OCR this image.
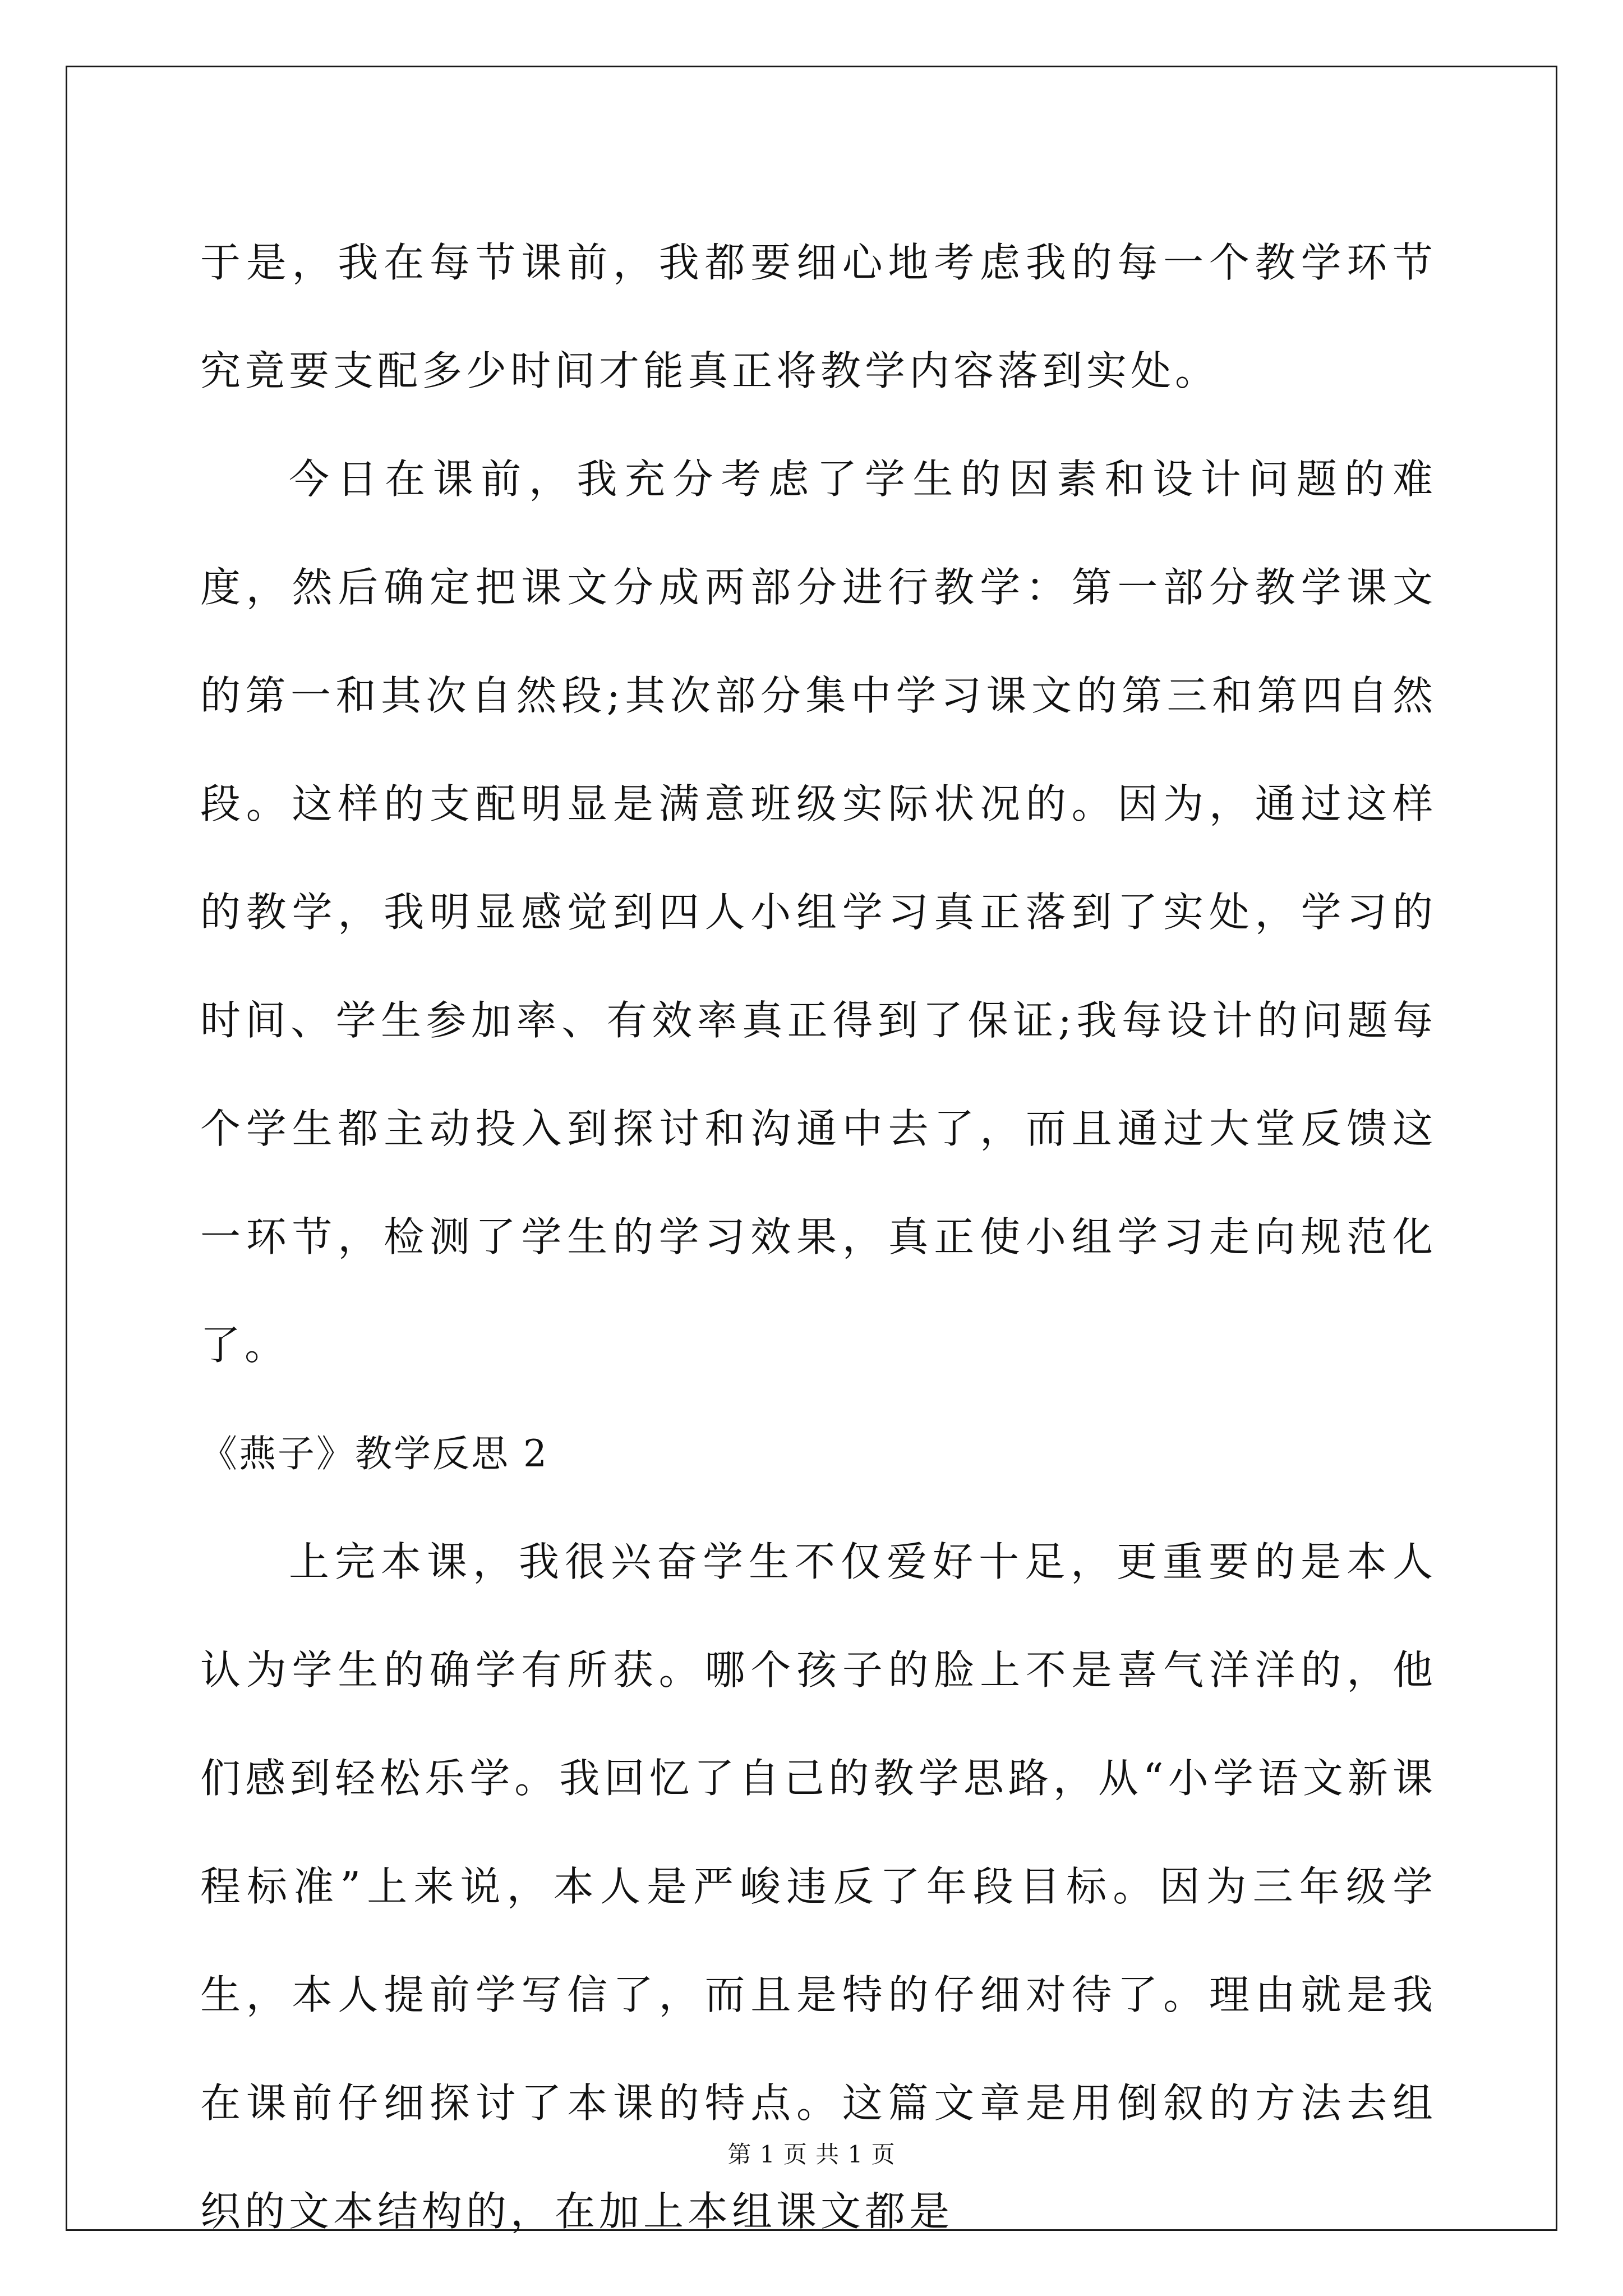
于是，我在每节课前，我都要细心地考虑我的每一个教学环节究竟要支配多少时间才能真正将教学内容落到实处。

今日在课前，我充分考虑了学生的因素和设计问题的难度，然后确定把课文分成两部分进行教学：第一部分教学课文的第一和其次自然段;其次部分集中学习课文的第三和第四自然段。这样的支配明显是满意班级实际状况的。因为，通过这样的教学，我明显感觉到四人小组学习真正落到了实处，学习的时间、学生参加率、有效率真正得到了保证;我每设计的问题每个学生都主动投入到探讨和沟通中去了，而且通过大堂反馈这一环节，检测了学生的学习效果，真正使小组学习走向规范化了。

《燕子》教学反思 2

上完本课，我很兴奋学生不仅爱好十足，更重要的是本人认为学生的确学有所获。哪个孩子的脸上不是喜气洋洋的，他们感到轻松乐学。我回忆了自己的教学思路，从“小学语文新课程标准”上来说，本人是严峻违反了年段目标。因为三年级学生，本人提前学写信了，而且是特的仔细对待了。理由就是我在课前仔细探讨了本课的特点。这篇文章是用倒叙的方法去组织的文本结构的，在加上本组课文都是

第 1 页 共 1 页
